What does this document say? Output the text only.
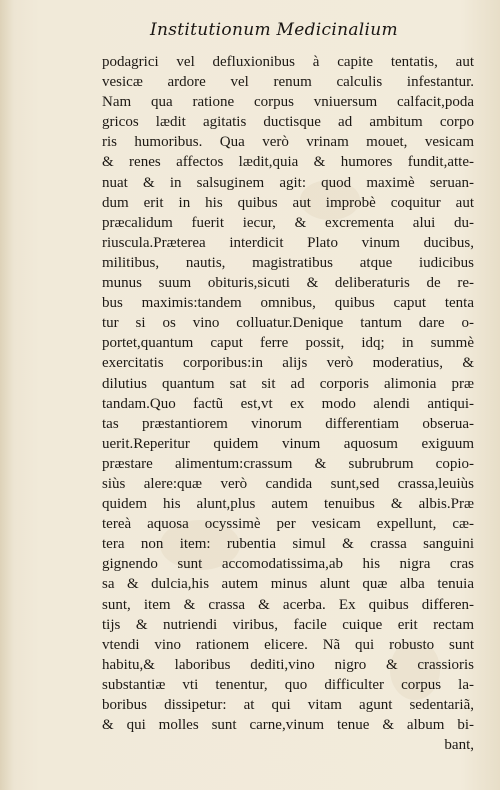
Institutionum Medicinalium
podagrici vel defluxionibus à capite tentatis, aut
vesicæ ardore vel renum calculis infestantur.
Nam qua ratione corpus vniuersum calfacit,poda
gricos lædit agitatis ductisque ad ambitum corpo
ris humoribus. Qua verò vrinam mouet, vesicam
& renes affectos lædit,quia & humores fundit,atte-
nuat & in salsuginem agit: quod maximè seruan-
dum erit in his quibus aut improbè coquitur aut
præcalidum fuerit iecur, & excrementa alui du-
riuscula.Præterea interdicit Plato vinum ducibus,
militibus, nautis, magistratibus atque iudicibus
munus suum obituris,sicuti & deliberaturis de re-
bus maximis:tandem omnibus, quibus caput tenta
tur si os vino colluatur.Denique tantum dare o-
portet,quantum caput ferre possit, idq; in summè
exercitatis corporibus:in alijs verò moderatius, &
dilutius quantum sat sit ad corporis alimonia præ
tandam.Quo factũ est,vt ex modo alendi antiqui-
tas præstantiorem vinorum differentiam obserua-
uerit.Reperitur quidem vinum aquosum exiguum
præstare alimentum:crassum & subrubrum copio-
siùs alere:quæ verò candida sunt,sed crassa,leuiùs
quidem his alunt,plus autem tenuibus & albis.Præ
tereà aquosa ocyssimè per vesicam expellunt, cæ-
tera non item: rubentia simul & crassa sanguini
gignendo sunt accomodatissima,ab his nigra cras
sa & dulcia,his autem minus alunt quæ alba tenuia
sunt, item & crassa & acerba. Ex quibus differen-
tijs & nutriendi viribus, facile cuique erit rectam
vtendi vino rationem elicere. Nã qui robusto sunt
habitu,& laboribus dediti,vino nigro & crassioris
substantiæ vti tenentur, quo difficulter corpus la-
boribus dissipetur: at qui vitam agunt sedentariã,
& qui molles sunt carne,vinum tenue & album bi-
bant,
